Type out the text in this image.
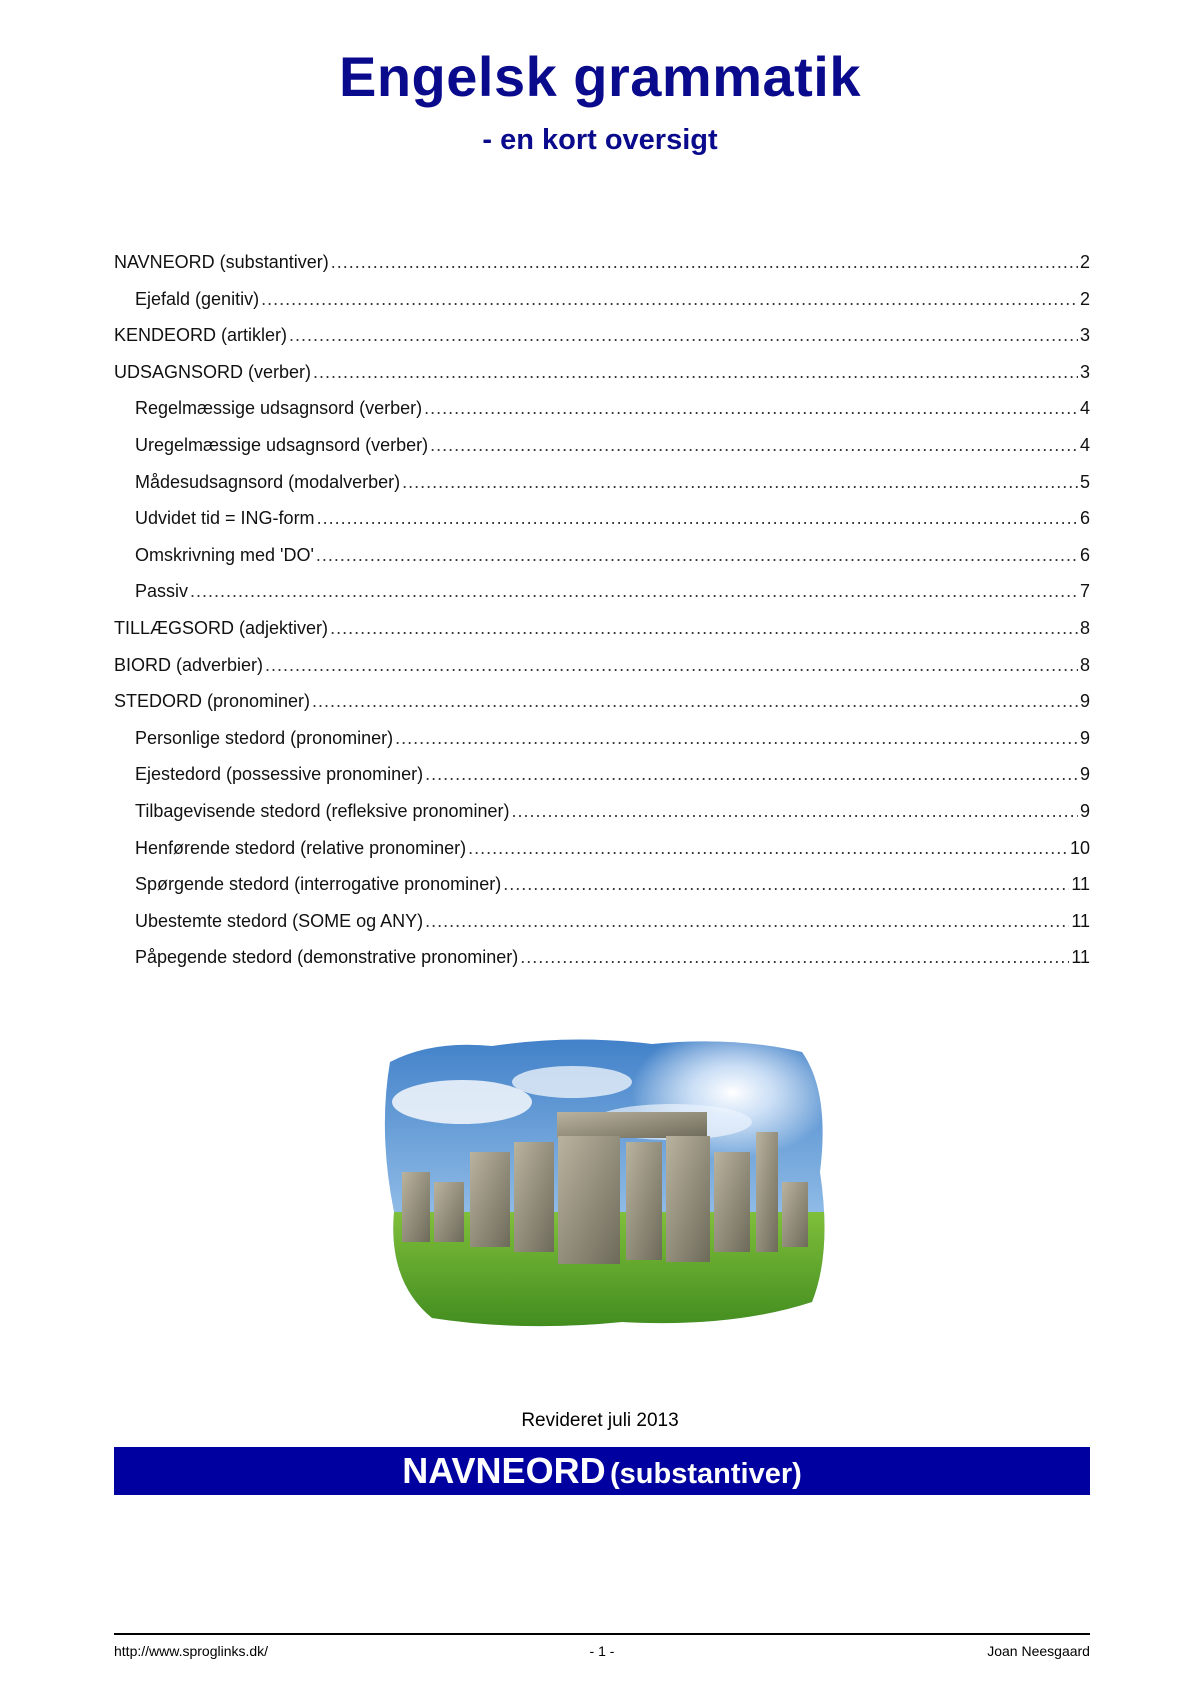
Engelsk grammatik
- en kort oversigt
NAVNEORD (substantiver) .....	2
Ejefald (genitiv) .....	2
KENDEORD (artikler) .....	3
UDSAGNSORD (verber) .....	3
Regelmæssige udsagnsord (verber) .....	4
Uregelmæssige udsagnsord (verber) .....	4
Mådesudsagnsord (modalverber) .....	5
Udvidet tid = ING-form .....	6
Omskrivning med 'DO' .....	6
Passiv .....	7
TILLÆGSORD (adjektiver) .....	8
BIORD (adverbier) .....	8
STEDORD (pronominer) .....	9
Personlige stedord (pronominer) .....	9
Ejestedord (possessive pronominer) .....	9
Tilbagevisende stedord (refleksive pronominer) .....	9
Henførende stedord (relative pronominer) .....	10
Spørgende stedord (interrogative pronominer) .....	11
Ubestemte stedord (SOME og ANY) .....	11
Påpegende stedord (demonstrative pronominer) .....	11
Revideret juli 2013
NAVNEORD (substantiver)
http://www.sproglinks.dk/	- 1 -	Joan Neesgaard
